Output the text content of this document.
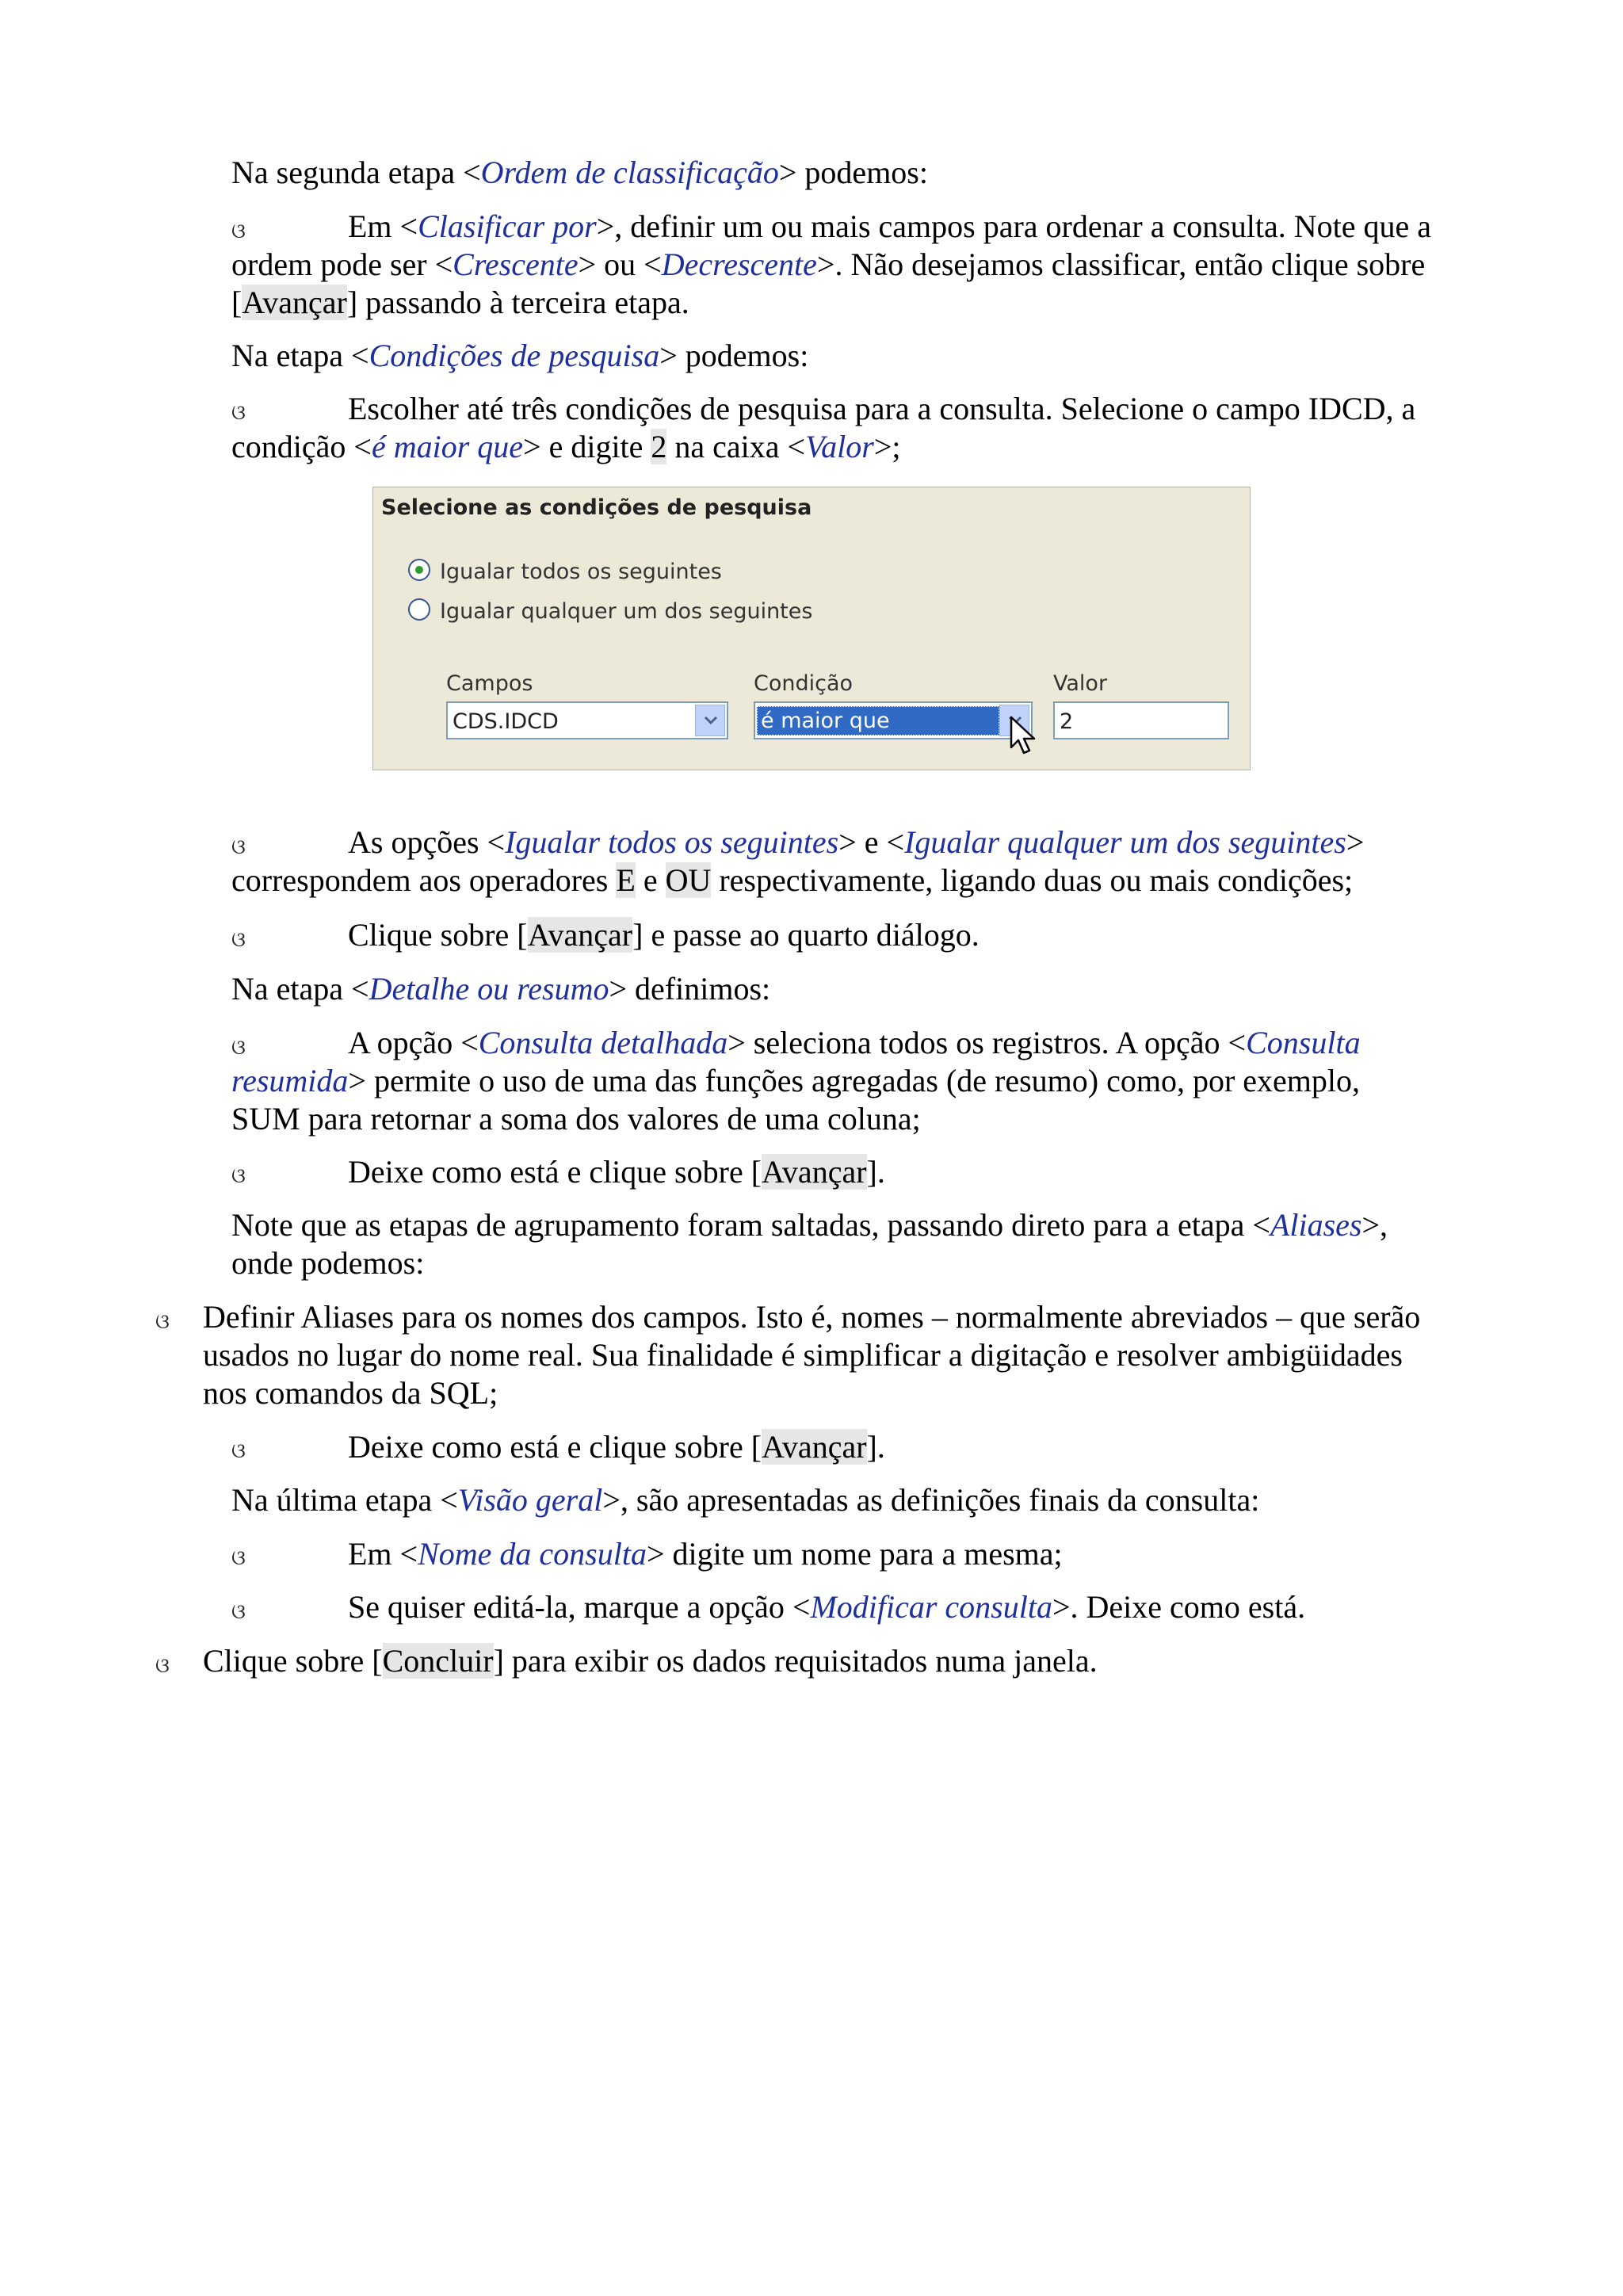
ଓ
ଓ
ଓ
ଓ
ଓ
ଓ
ଓ
ଓ
ଓ
ଓ
ଓ
Na segunda etapa <Ordem de classificação> podemos:
Em <Clasificar por>, definir um ou mais campos para ordenar a consulta. Note que a
ordem pode ser <Crescente> ou <Decrescente>. Não desejamos classificar, então clique sobre
[Avançar] passando à terceira etapa.
Na etapa <Condições de pesquisa> podemos:
Escolher até três condições de pesquisa para a consulta. Selecione o campo IDCD, a
condição <é maior que> e digite 2 na caixa <Valor>;
Selecione as condições de pesquisa
Igualar todos os seguintes
Igualar qualquer um dos seguintes
Campos
CDS.IDCD
Condição
é maior que
Valor
2
As opções <Igualar todos os seguintes> e <Igualar qualquer um dos seguintes>
correspondem aos operadores E e OU respectivamente, ligando duas ou mais condições;
Clique sobre [Avançar] e passe ao quarto diálogo.
Na etapa <Detalhe ou resumo> definimos:
A opção <Consulta detalhada> seleciona todos os registros. A opção <Consulta
resumida> permite o uso de uma das funções agregadas (de resumo) como, por exemplo,
SUM para retornar a soma dos valores de uma coluna;
Deixe como está e clique sobre [Avançar].
Note que as etapas de agrupamento foram saltadas, passando direto para a etapa <Aliases>,
onde podemos:
Definir Aliases para os nomes dos campos. Isto é, nomes – normalmente abreviados – que serão
usados no lugar do nome real. Sua finalidade é simplificar a digitação e resolver ambigüidades
nos comandos da SQL;
Deixe como está e clique sobre [Avançar].
Na última etapa <Visão geral>, são apresentadas as definições finais da consulta:
Em <Nome da consulta> digite um nome para a mesma;
Se quiser editá-la, marque a opção <Modificar consulta>. Deixe como está.
Clique sobre [Concluir] para exibir os dados requisitados numa janela.
